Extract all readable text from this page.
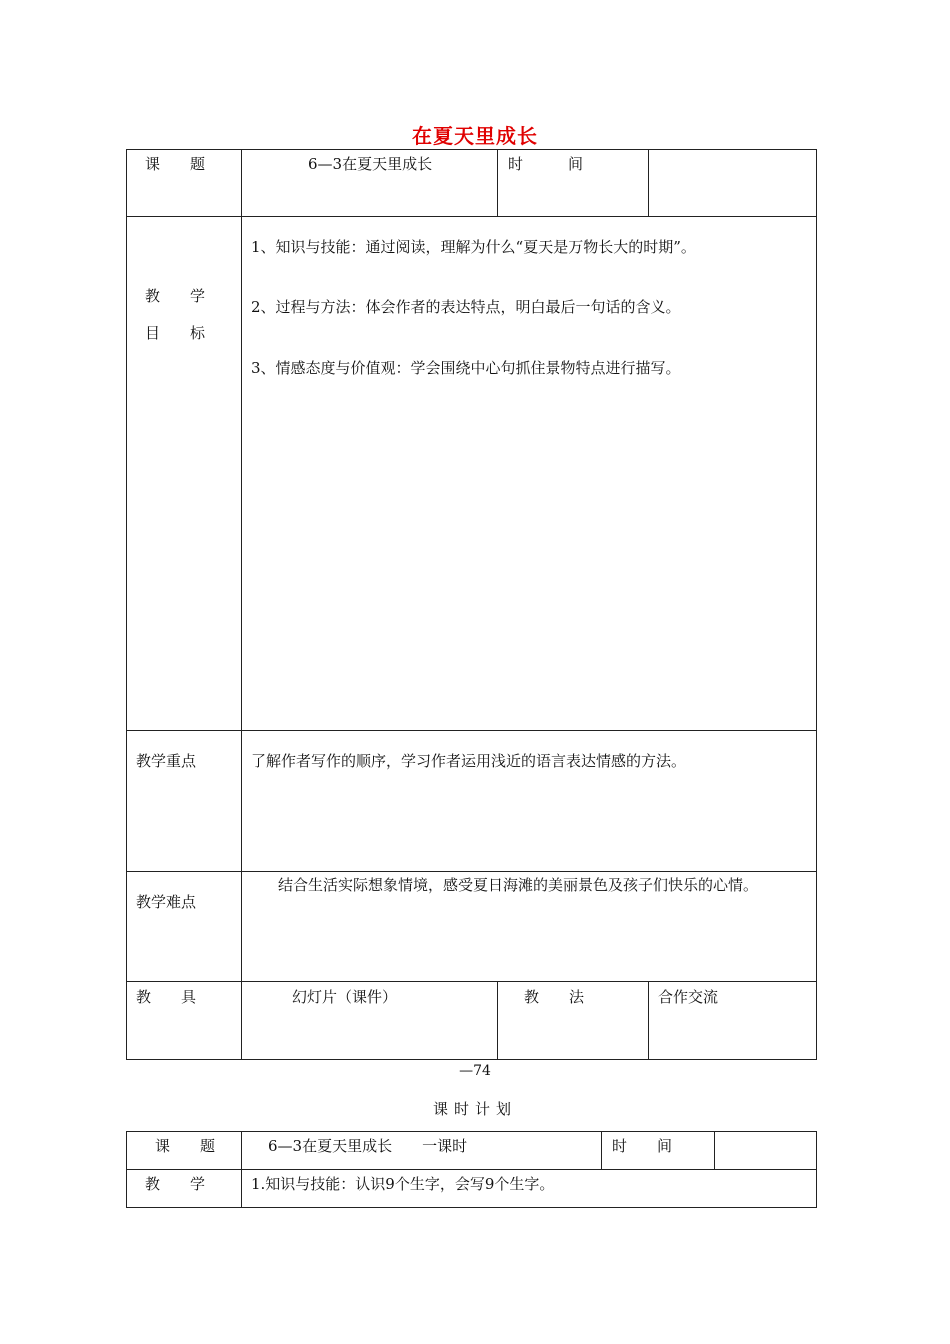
在夏天里成长
课　　题	6—3在夏天里成长	时　　　间	

教　　学
目　　标	1、知识与技能：通过阅读，理解为什么“夏天是万物长大的时期”。
2、过程与方法：体会作者的表达特点，明白最后一句话的含义。
3、情感态度与价值观：学会围绕中心句抓住景物特点进行描写。		

教学重点	了解作者写作的顺序，学习作者运用浅近的语言表达情感的方法。		

教学难点	结合生活实际想象情境，感受夏日海滩的美丽景色及孩子们快乐的心情。		

教　　具	幻灯片（课件）	教　　法	合作交流
—74
课时计划
课　　题	6—3在夏天里成长　　一课时	时　　间	

教　　学	1.知识与技能：认识9个生字，会写9个生字。		
